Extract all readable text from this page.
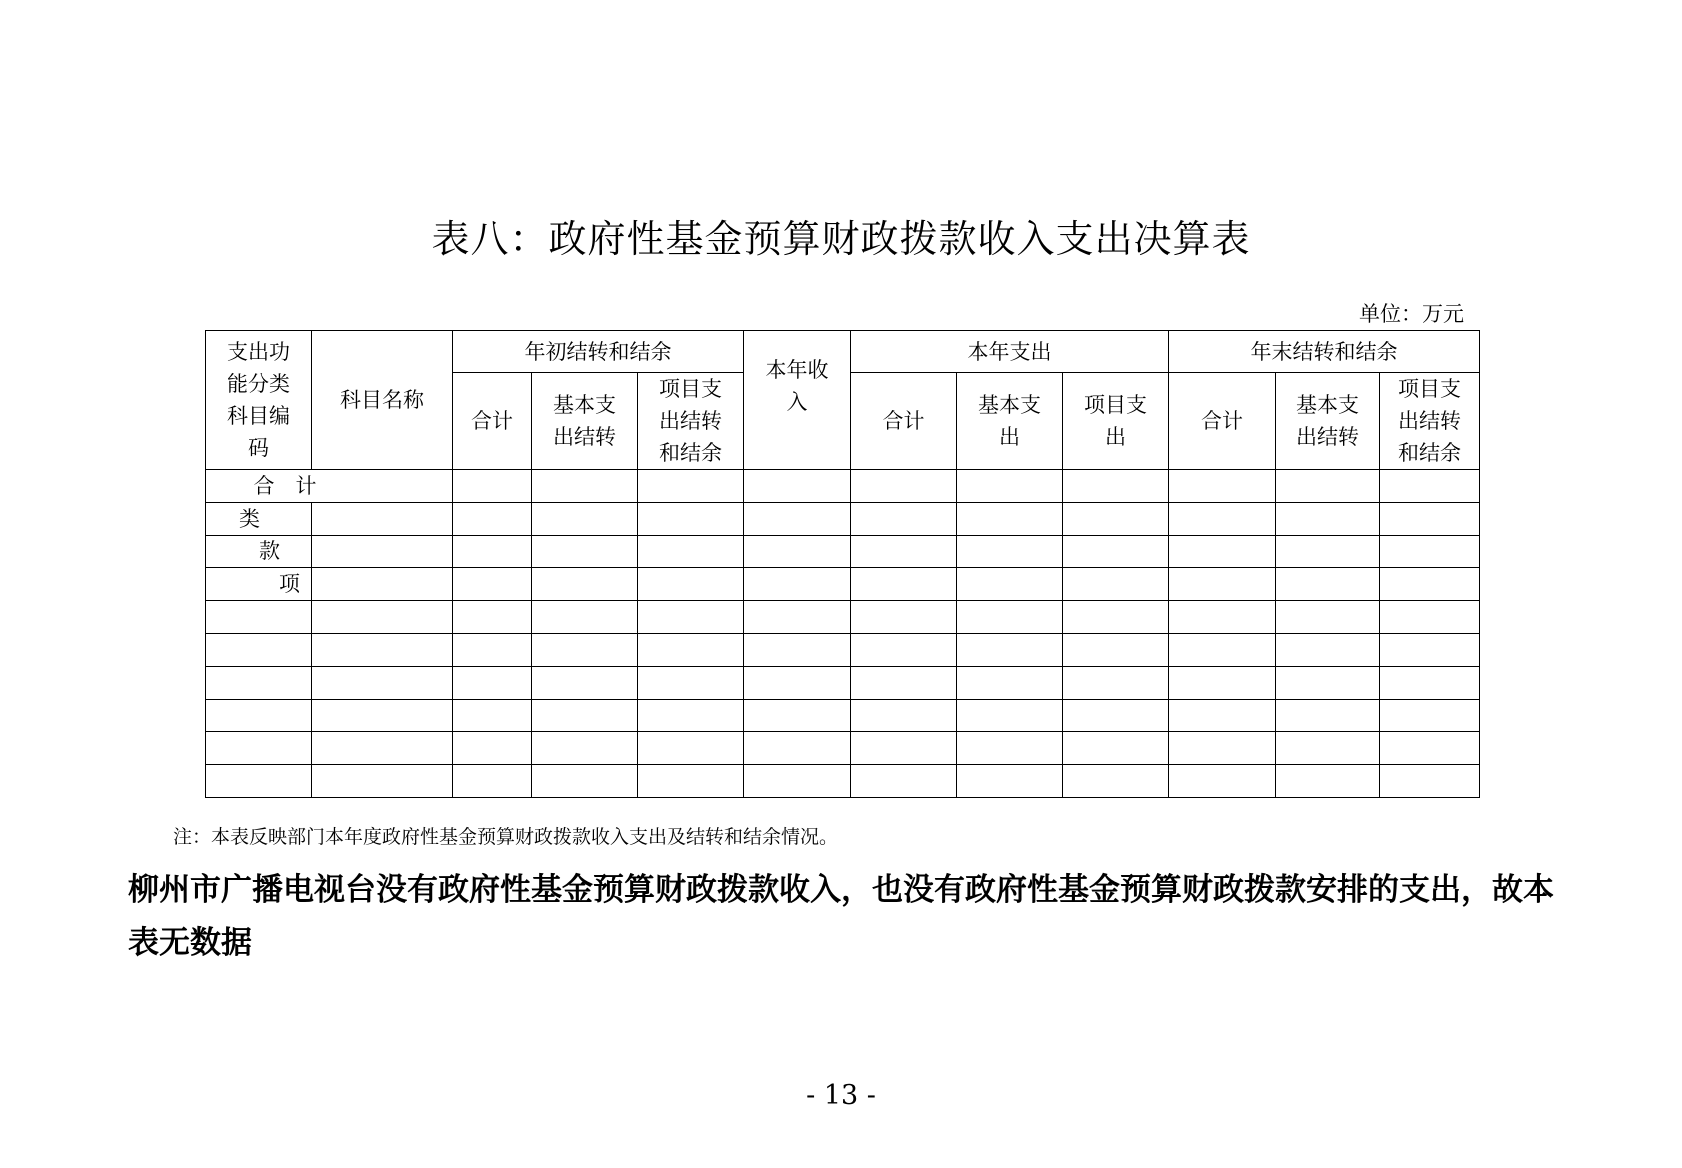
表八：政府性基金预算财政拨款收入支出决算表
单位：万元
支出功能分类科目编码	科目名称	年初结转和结余			本年收入	本年支出			年末结转和结余		
		合计	基本支出结转	项目支出结转和结余		合计	基本支出	项目支出	合计	基本支出结转	项目支出结转和结余

合　计											
类											
款											
项											

注：本表反映部门本年度政府性基金预算财政拨款收入支出及结转和结余情况。
柳州市广播电视台没有政府性基金预算财政拨款收入，也没有政府性基金预算财政拨款安排的支出，故本表无数据
- 13 -
